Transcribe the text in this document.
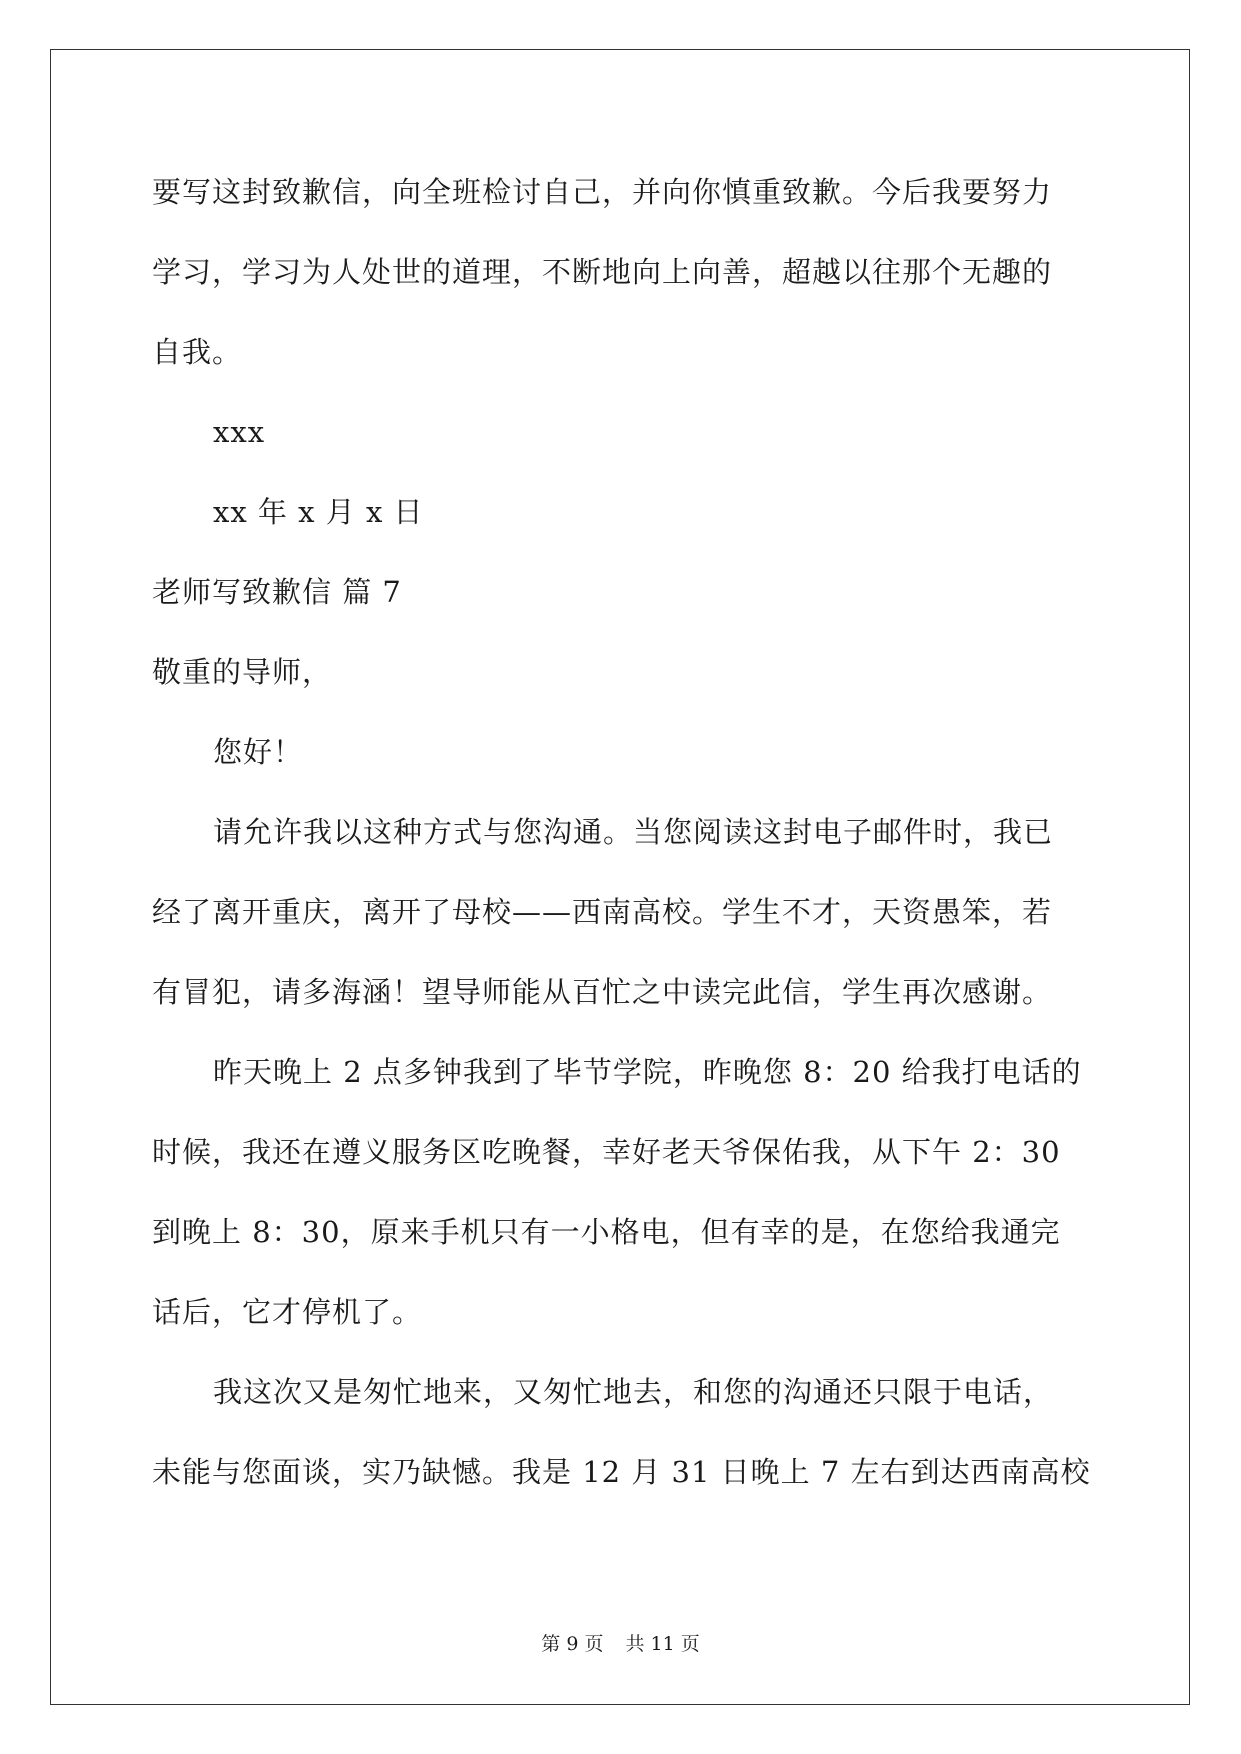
要写这封致歉信，向全班检讨自己，并向你慎重致歉。今后我要努力
学习，学习为人处世的道理，不断地向上向善，超越以往那个无趣的
自我。
xxx
xx 年 x 月 x 日
老师写致歉信 篇 7
敬重的导师，
您好！
请允许我以这种方式与您沟通。当您阅读这封电子邮件时，我已
经了离开重庆，离开了母校——西南高校。学生不才，天资愚笨，若
有冒犯，请多海涵！望导师能从百忙之中读完此信，学生再次感谢。
昨天晚上 2 点多钟我到了毕节学院，昨晚您 8：20 给我打电话的
时候，我还在遵义服务区吃晚餐，幸好老天爷保佑我，从下午 2：30
到晚上 8：30，原来手机只有一小格电，但有幸的是，在您给我通完
话后，它才停机了。
我这次又是匆忙地来，又匆忙地去，和您的沟通还只限于电话，
未能与您面谈，实乃缺憾。我是 12 月 31 日晚上 7 左右到达西南高校
第 9 页 共 11 页
